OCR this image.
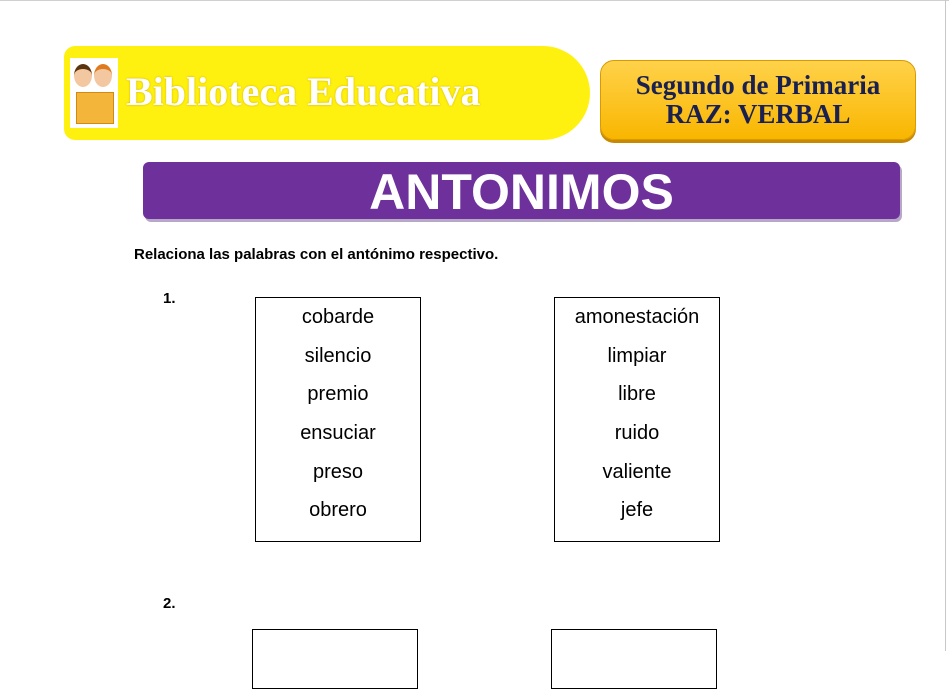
Biblioteca Educativa	Segundo de Primaria
RAZ: VERBAL
ANTONIMOS
Relaciona las palabras con el antónimo respectivo.
1.
cobarde
silencio
premio
ensuciar
preso
obrero
amonestación
limpiar
libre
ruido
valiente
jefe
2.
